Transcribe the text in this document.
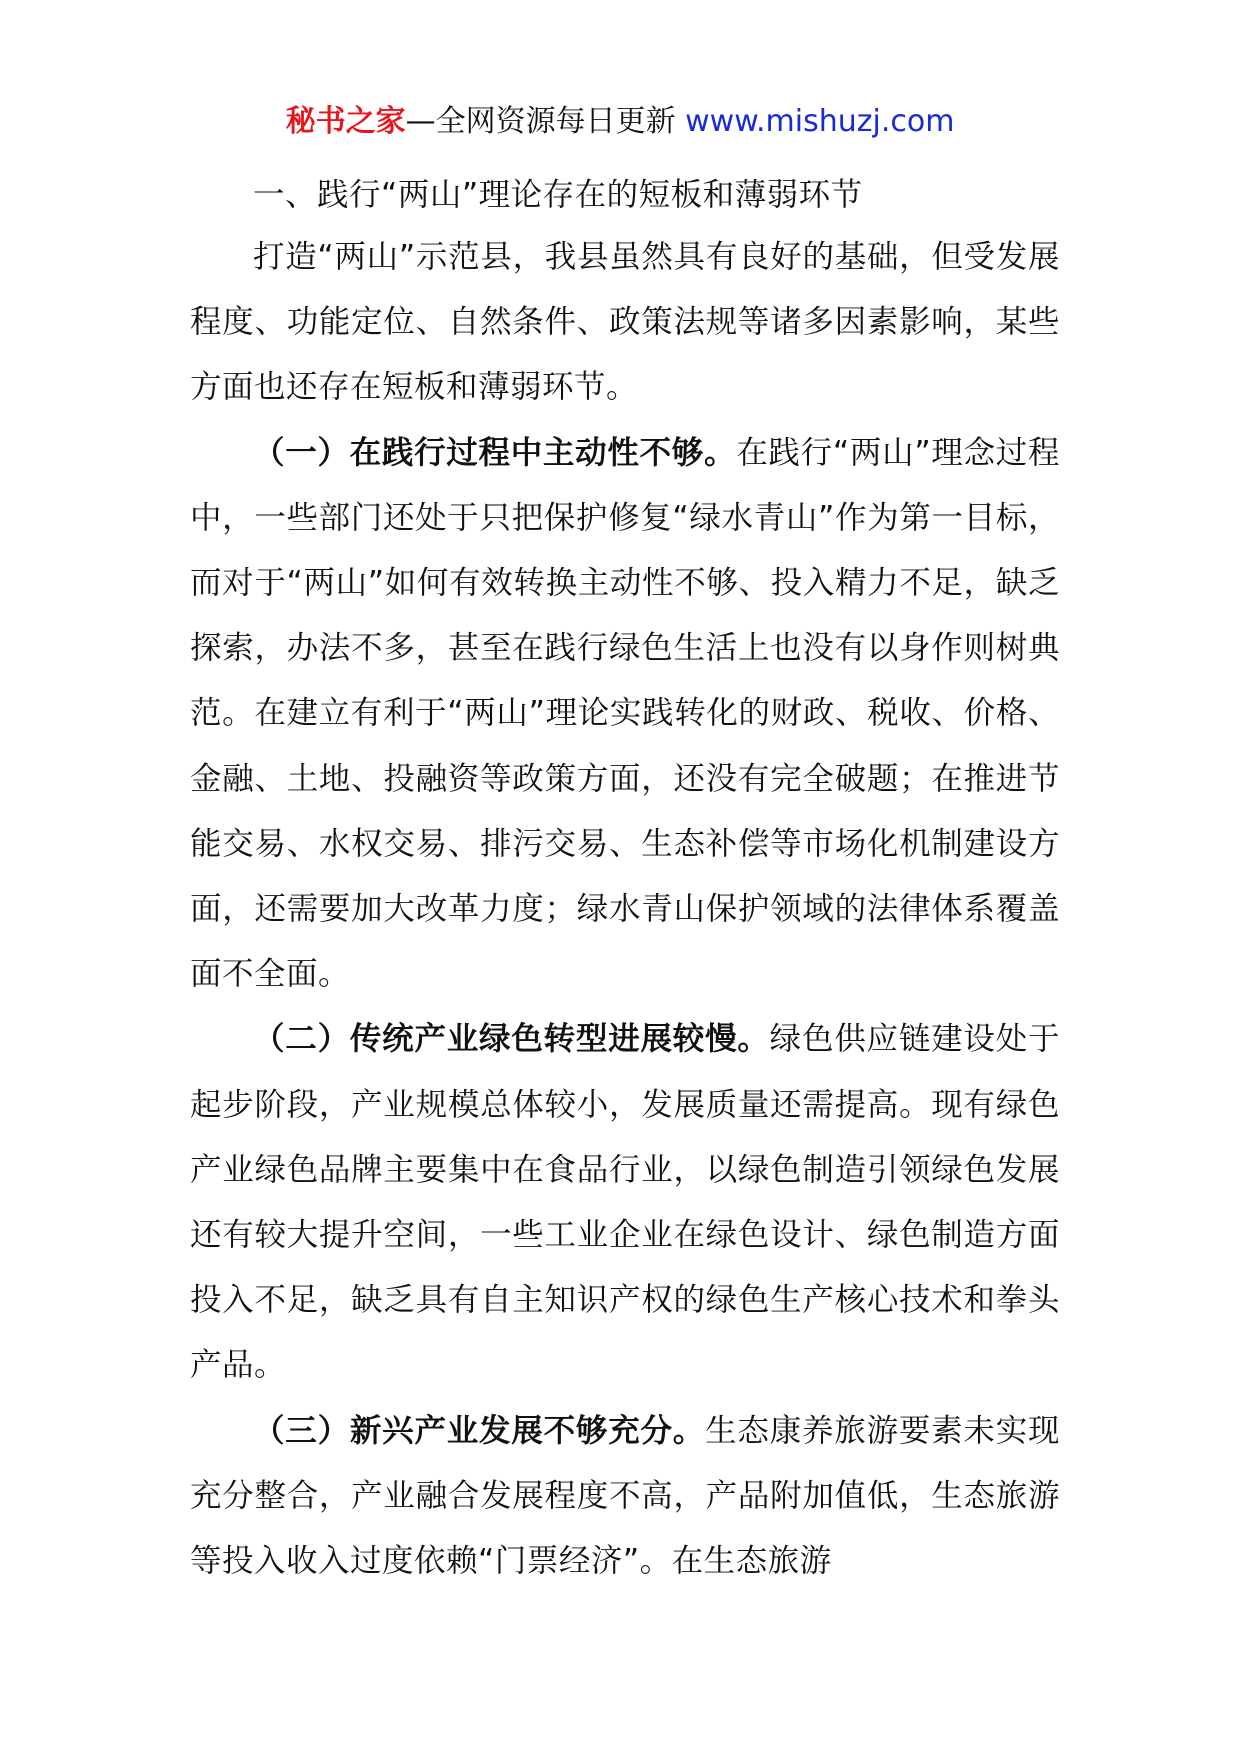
秘书之家—全网资源每日更新 www.mishuzj.com

一、践行“两山”理论存在的短板和薄弱环节

打造“两山”示范县，我县虽然具有良好的基础，但受发展程度、功能定位、自然条件、政策法规等诸多因素影响，某些方面也还存在短板和薄弱环节。

（一）在践行过程中主动性不够。在践行“两山”理念过程中，一些部门还处于只把保护修复“绿水青山”作为第一目标，而对于“两山”如何有效转换主动性不够、投入精力不足，缺乏探索，办法不多，甚至在践行绿色生活上也没有以身作则树典范。在建立有利于“两山”理论实践转化的财政、税收、价格、金融、土地、投融资等政策方面，还没有完全破题；在推进节能交易、水权交易、排污交易、生态补偿等市场化机制建设方面，还需要加大改革力度；绿水青山保护领域的法律体系覆盖面不全面。

（二）传统产业绿色转型进展较慢。绿色供应链建设处于起步阶段，产业规模总体较小，发展质量还需提高。现有绿色产业绿色品牌主要集中在食品行业，以绿色制造引领绿色发展还有较大提升空间，一些工业企业在绿色设计、绿色制造方面投入不足，缺乏具有自主知识产权的绿色生产核心技术和拳头产品。

（三）新兴产业发展不够充分。生态康养旅游要素未实现充分整合，产业融合发展程度不高，产品附加值低，生态旅游等投入收入过度依赖“门票经济”。在生态旅游
